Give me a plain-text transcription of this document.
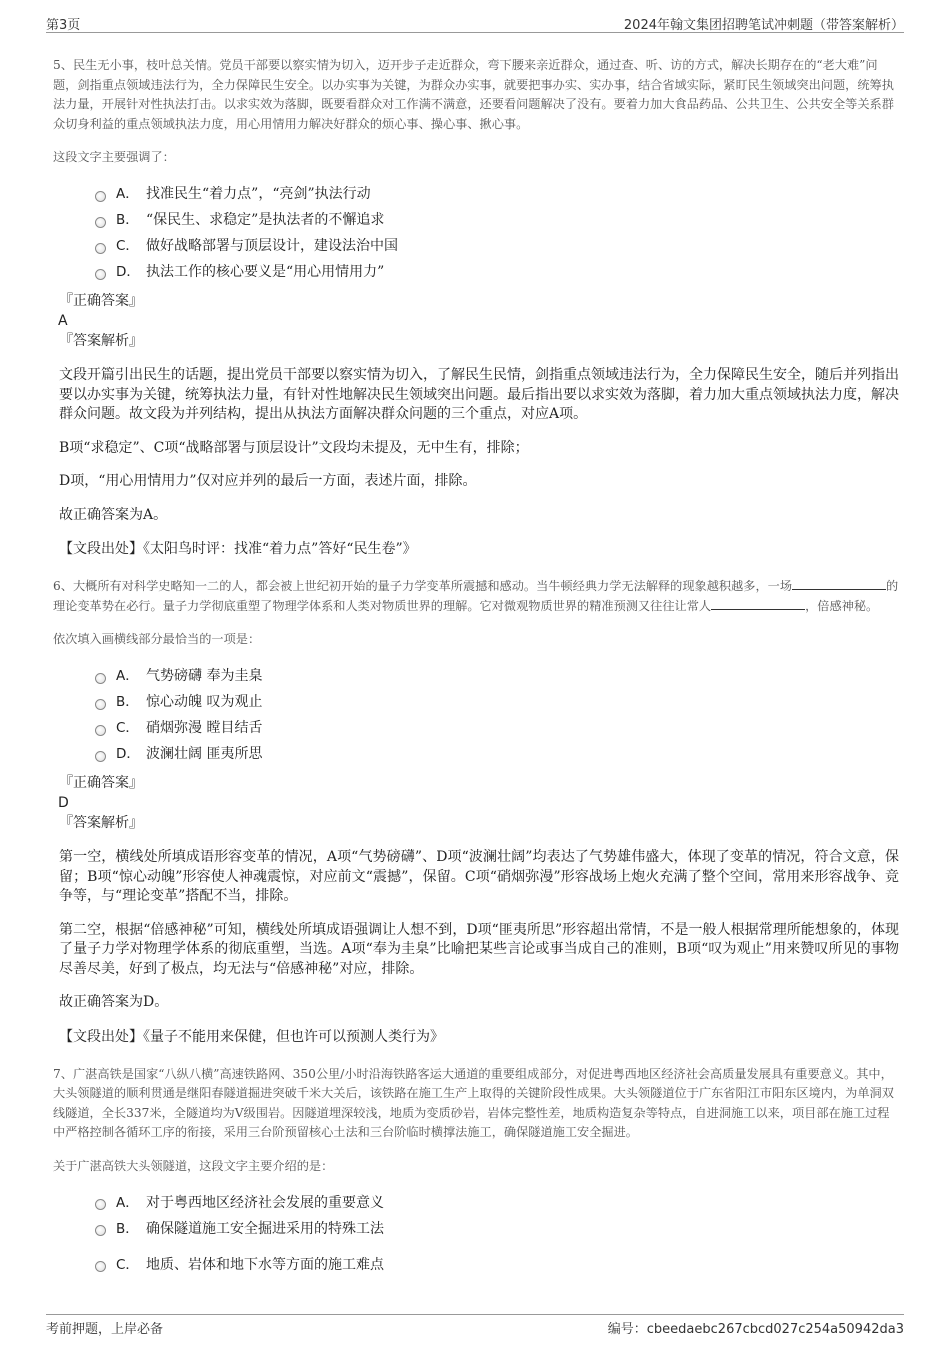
第3页	2024年翰文集团招聘笔试冲刺题（带答案解析）

5、民生无小事，枝叶总关情。党员干部要以察实情为切入，迈开步子走近群众，弯下腰来亲近群众，通过查、听、访的方式，解决长期存在的“老大难”问题，剑指重点领域违法行为，全力保障民生安全。以办实事为关键，为群众办实事，就要把事办实、实办事，结合省域实际，紧盯民生领域突出问题，统筹执法力量，开展针对性执法打击。以求实效为落脚，既要看群众对工作满不满意，还要看问题解决了没有。要着力加大食品药品、公共卫生、公共安全等关系群众切身利益的重点领域执法力度，用心用情用力解决好群众的烦心事、操心事、揪心事。

这段文字主要强调了：

A． 找准民生“着力点”，“亮剑”执法行动
B． “保民生、求稳定”是执法者的不懈追求
C． 做好战略部署与顶层设计，建设法治中国
D． 执法工作的核心要义是“用心用情用力”
『正确答案』
A
『答案解析』

文段开篇引出民生的话题，提出党员干部要以察实情为切入，了解民生民情，剑指重点领域违法行为，全力保障民生安全，随后并列指出要以办实事为关键，统筹执法力量，有针对性地解决民生领域突出问题。最后指出要以求实效为落脚，着力加大重点领域执法力度，解决群众问题。故文段为并列结构，提出从执法方面解决群众问题的三个重点，对应A项。

B项“求稳定”、C项“战略部署与顶层设计”文段均未提及，无中生有，排除；

D项，“用心用情用力”仅对应并列的最后一方面，表述片面，排除。

故正确答案为A。

【文段出处】《太阳鸟时评：找准“着力点”答好“民生卷”》

6、大概所有对科学史略知一二的人，都会被上世纪初开始的量子力学变革所震撼和感动。当牛顿经典力学无法解释的现象越积越多，一场	的理论变革势在必行。量子力学彻底重塑了物理学体系和人类对物质世界的理解。它对微观物质世界的精准预测又往往让常人	，倍感神秘。

依次填入画横线部分最恰当的一项是：

A． 气势磅礴 奉为圭臬
B． 惊心动魄 叹为观止
C． 硝烟弥漫 瞠目结舌
D． 波澜壮阔 匪夷所思
『正确答案』
D
『答案解析』

第一空，横线处所填成语形容变革的情况，A项“气势磅礴”、D项“波澜壮阔”均表达了气势雄伟盛大，体现了变革的情况，符合文意，保留；B项“惊心动魄”形容使人神魂震惊，对应前文“震撼”，保留。C项“硝烟弥漫”形容战场上炮火充满了整个空间，常用来形容战争、竞争等，与“理论变革”搭配不当，排除。

第二空，根据“倍感神秘”可知，横线处所填成语强调让人想不到，D项“匪夷所思”形容超出常情，不是一般人根据常理所能想象的，体现了量子力学对物理学体系的彻底重塑，当选。A项“奉为圭臬”比喻把某些言论或事当成自己的准则，B项“叹为观止”用来赞叹所见的事物尽善尽美，好到了极点，均无法与“倍感神秘”对应，排除。

故正确答案为D。

【文段出处】《量子不能用来保健，但也许可以预测人类行为》

7、广湛高铁是国家“八纵八横”高速铁路网、350公里/小时沿海铁路客运大通道的重要组成部分，对促进粤西地区经济社会高质量发展具有重要意义。其中，大头领隧道的顺利贯通是继阳春隧道掘进突破千米大关后，该铁路在施工生产上取得的关键阶段性成果。大头领隧道位于广东省阳江市阳东区境内，为单洞双线隧道，全长337米，全隧道均为V级围岩。因隧道埋深较浅，地质为变质砂岩，岩体完整性差，地质构造复杂等特点，自进洞施工以来，项目部在施工过程中严格控制各循环工序的衔接，采用三台阶预留核心土法和三台阶临时横撑法施工，确保隧道施工安全掘进。

关于广湛高铁大头领隧道，这段文字主要介绍的是：

A． 对于粤西地区经济社会发展的重要意义
B． 确保隧道施工安全掘进采用的特殊工法
C． 地质、岩体和地下水等方面的施工难点
考前押题，上岸必备	编号：cbeedaebc267cbcd027c254a50942da3
